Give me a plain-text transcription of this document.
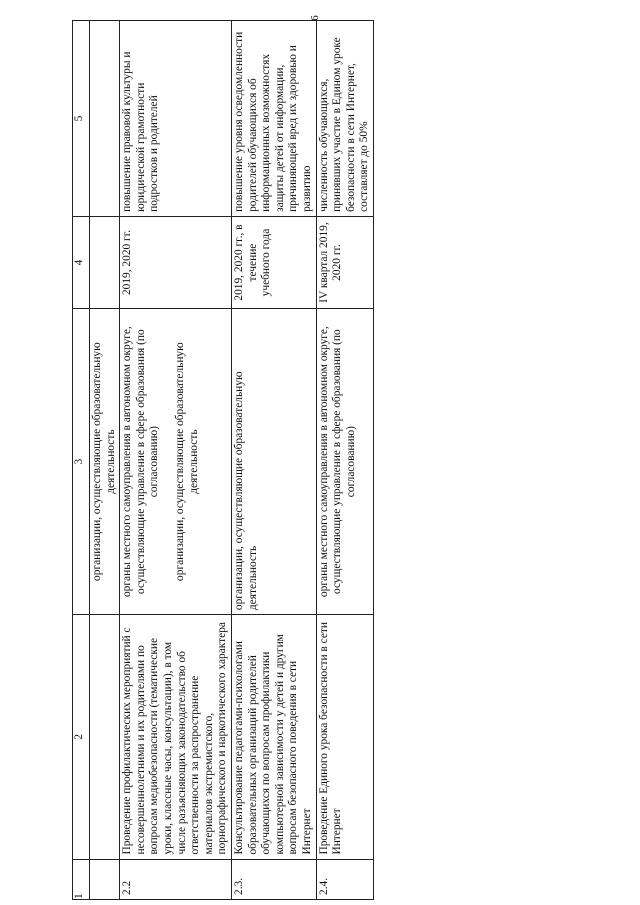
6
1	2	3	4	5
		организации, осуществляющие образовательную деятельность		
2.2	Проведение профилактических мероприятий с несовершеннолетними и их родителями по вопросам медиобезопасности (тематические уроки, классные часы, консультации), в том числе разъясняющих законодательство об ответственности за распространение материалов экстремистского, порнографического и наркотического характера	органы местного самоуправления в автономном округе, осуществляющие управление в сфере образования (по согласованию) организации, осуществляющие образовательную деятельность	2019, 2020 гг.	повышение правовой культуры и юридической грамотности подростков и родителей
2.3.	Консультирование педагогами-психологами образовательных организаций родителей обучающихся по вопросам профилактики компьютерной зависимости у детей и другим вопросам безопасного поведения в сети Интернет	организации, осуществляющие образовательную деятельность	2019, 2020 гг., в течение учебного года	повышение уровня осведомленности родителей обучающихся об информационных возможностях защиты детей от информации, причиняющей вред их здоровью и развитию
2.4.	Проведение Единого урока безопасности в сети Интернет	органы местного самоуправления в автономном округе, осуществляющие управление в сфере образования (по согласованию)	IV квартал 2019, 2020 гг.	численность обучающихся, принявших участие в Едином уроке безопасности в сети Интернет, составляет до 50%
